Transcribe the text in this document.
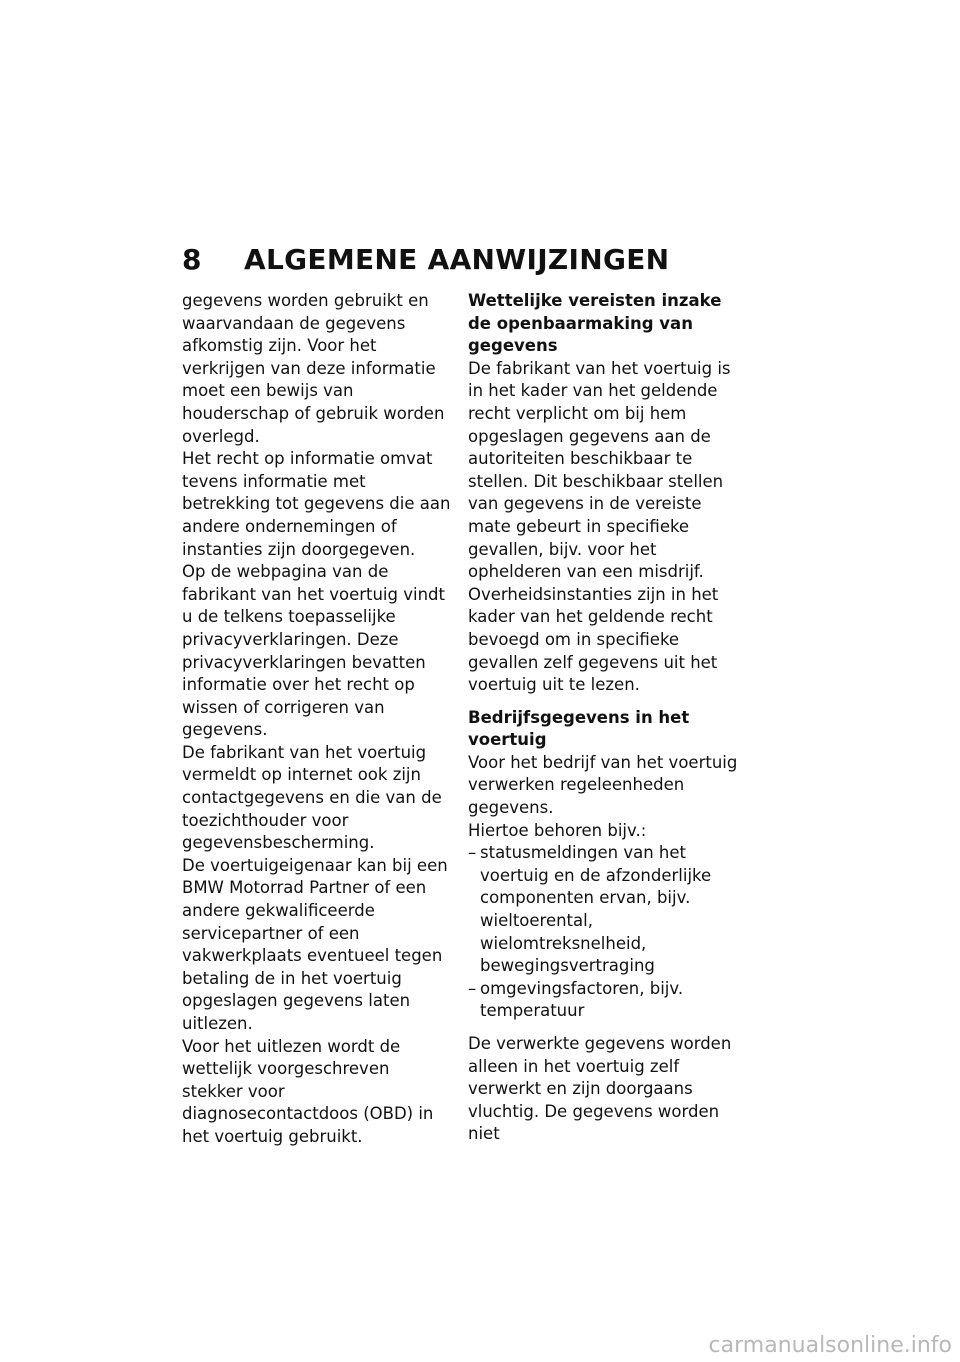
8 ALGEMENE AANWIJZINGEN

gegevens worden gebruikt en waarvandaan de gegevens afkomstig zijn. Voor het verkrijgen van deze informatie moet een bewijs van houderschap of gebruik worden overlegd.

Het recht op informatie omvat tevens informatie met betrekking tot gegevens die aan andere ondernemingen of instanties zijn doorgegeven.

Op de webpagina van de fabrikant van het voertuig vindt u de telkens toepasselijke privacyverklaringen. Deze privacyverklaringen bevatten informatie over het recht op wissen of corrigeren van gegevens.

De fabrikant van het voertuig vermeldt op internet ook zijn contactgegevens en die van de toezichthouder voor gegevensbescherming.

De voertuigeigenaar kan bij een BMW Motorrad Partner of een andere gekwalificeerde servicepartner of een vakwerkplaats eventueel tegen betaling de in het voertuig opgeslagen gegevens laten uitlezen.

Voor het uitlezen wordt de wettelijk voorgeschreven stekker voor diagnosecontactdoos (OBD) in het voertuig gebruikt.

Wettelijke vereisten inzake de openbaarmaking van gegevens

De fabrikant van het voertuig is in het kader van het geldende recht verplicht om bij hem opgeslagen gegevens aan de autoriteiten beschikbaar te stellen. Dit beschikbaar stellen van gegevens in de vereiste mate gebeurt in specifieke gevallen, bijv. voor het ophelderen van een misdrijf.

Overheidsinstanties zijn in het kader van het geldende recht bevoegd om in specifieke gevallen zelf gegevens uit het voertuig uit te lezen.

Bedrijfsgegevens in het voertuig

Voor het bedrijf van het voertuig verwerken regeleenheden gegevens.

Hiertoe behoren bijv.:

– statusmeldingen van het voertuig en de afzonderlijke componenten ervan, bijv. wieltoerental, wielomtreksnelheid, bewegingsvertraging
– omgevingsfactoren, bijv. temperatuur

De verwerkte gegevens worden alleen in het voertuig zelf verwerkt en zijn doorgaans vluchtig. De gegevens worden niet

carmanualsonline.info
